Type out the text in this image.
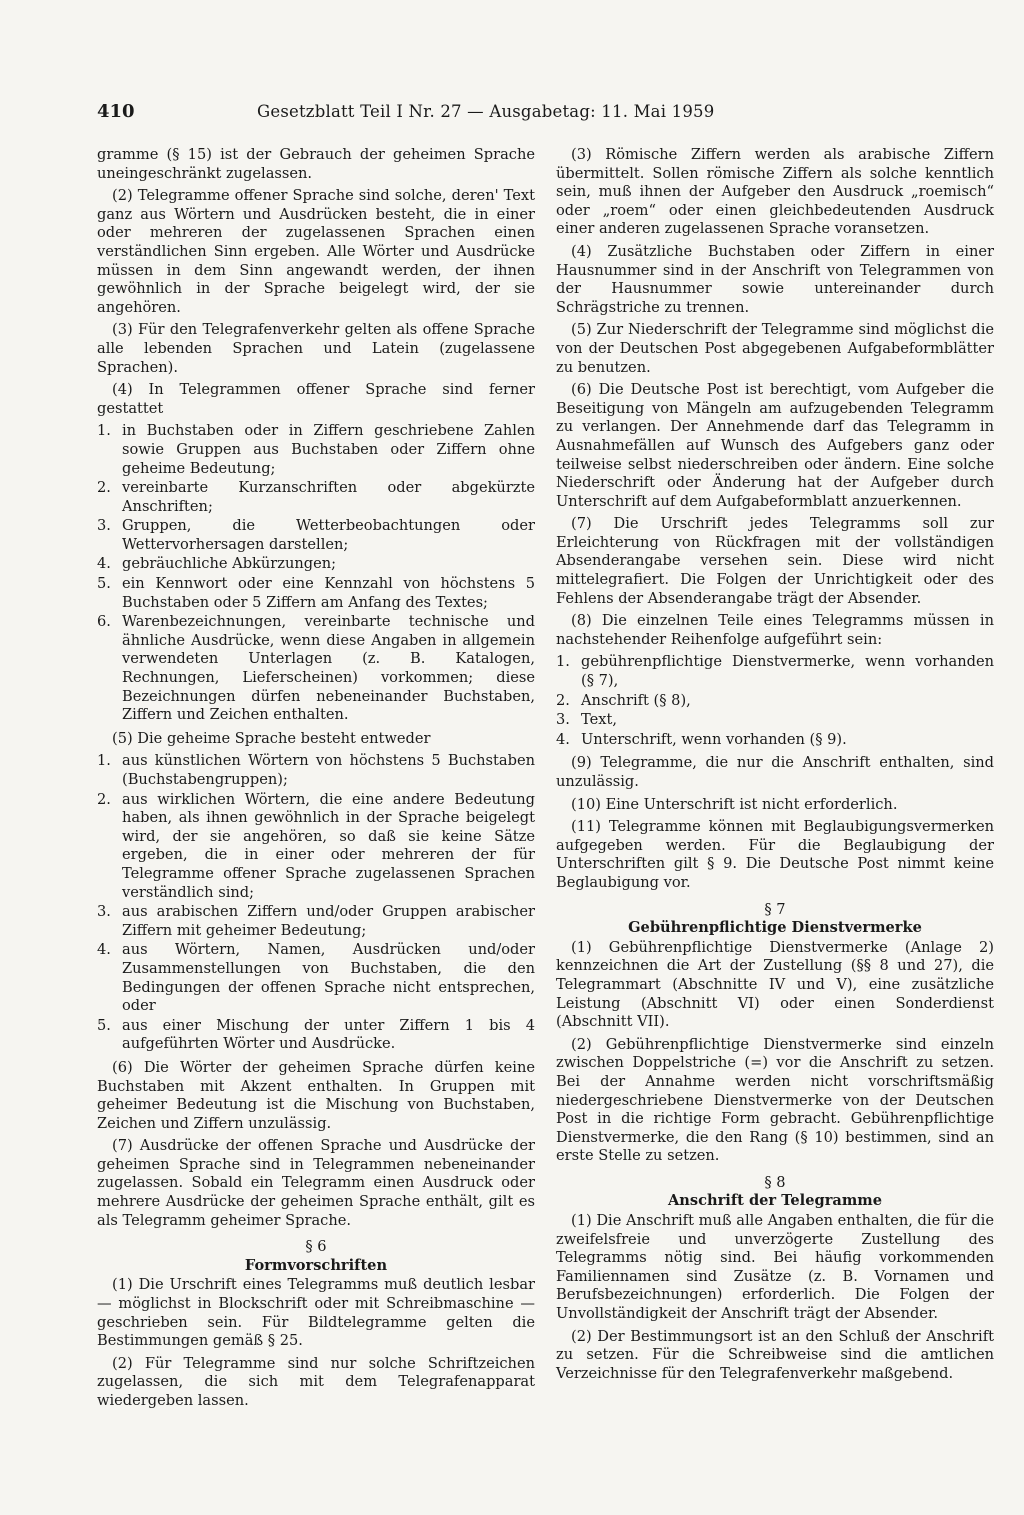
410	Gesetzblatt Teil I Nr. 27 — Ausgabetag: 11. Mai 1959

gramme (§ 15) ist der Gebrauch der geheimen Sprache uneingeschränkt zugelassen.

(2) Telegramme offener Sprache sind solche, deren' Text ganz aus Wörtern und Ausdrücken besteht, die in einer oder mehreren der zugelassenen Sprachen einen verständlichen Sinn ergeben. Alle Wörter und Ausdrücke müssen in dem Sinn angewandt werden, der ihnen gewöhnlich in der Sprache beigelegt wird, der sie angehören.

(3) Für den Telegrafenverkehr gelten als offene Sprache alle lebenden Sprachen und Latein (zugelassene Sprachen).

(4) In Telegrammen offener Sprache sind ferner gestattet

1. in Buchstaben oder in Ziffern geschriebene Zahlen sowie Gruppen aus Buchstaben oder Ziffern ohne geheime Bedeutung;
2. vereinbarte Kurzanschriften oder abgekürzte Anschriften;
3. Gruppen, die Wetterbeobachtungen oder Wettervorhersagen darstellen;
4. gebräuchliche Abkürzungen;
5. ein Kennwort oder eine Kennzahl von höchstens 5 Buchstaben oder 5 Ziffern am Anfang des Textes;
6. Warenbezeichnungen, vereinbarte technische und ähnliche Ausdrücke, wenn diese Angaben in allgemein verwendeten Unterlagen (z. B. Katalogen, Rechnungen, Lieferscheinen) vorkommen; diese Bezeichnungen dürfen nebeneinander Buchstaben, Ziffern und Zeichen enthalten.

(5) Die geheime Sprache besteht entweder

1. aus künstlichen Wörtern von höchstens 5 Buchstaben (Buchstabengruppen);
2. aus wirklichen Wörtern, die eine andere Bedeutung haben, als ihnen gewöhnlich in der Sprache beigelegt wird, der sie angehören, so daß sie keine Sätze ergeben, die in einer oder mehreren der für Telegramme offener Sprache zugelassenen Sprachen verständlich sind;
3. aus arabischen Ziffern und/oder Gruppen arabischer Ziffern mit geheimer Bedeutung;
4. aus Wörtern, Namen, Ausdrücken und/oder Zusammenstellungen von Buchstaben, die den Bedingungen der offenen Sprache nicht entsprechen, oder
5. aus einer Mischung der unter Ziffern 1 bis 4 aufgeführten Wörter und Ausdrücke.

(6) Die Wörter der geheimen Sprache dürfen keine Buchstaben mit Akzent enthalten. In Gruppen mit geheimer Bedeutung ist die Mischung von Buchstaben, Zeichen und Ziffern unzulässig.

(7) Ausdrücke der offenen Sprache und Ausdrücke der geheimen Sprache sind in Telegrammen nebeneinander zugelassen. Sobald ein Telegramm einen Ausdruck oder mehrere Ausdrücke der geheimen Sprache enthält, gilt es als Telegramm geheimer Sprache.

§ 6
Formvorschriften

(1) Die Urschrift eines Telegramms muß deutlich lesbar — möglichst in Blockschrift oder mit Schreibmaschine — geschrieben sein. Für Bildtelegramme gelten die Bestimmungen gemäß § 25.

(2) Für Telegramme sind nur solche Schriftzeichen zugelassen, die sich mit dem Telegrafenapparat wiedergeben lassen.

(3) Römische Ziffern werden als arabische Ziffern übermittelt. Sollen römische Ziffern als solche kenntlich sein, muß ihnen der Aufgeber den Ausdruck „roemisch“ oder „roem“ oder einen gleichbedeutenden Ausdruck einer anderen zugelassenen Sprache voransetzen.

(4) Zusätzliche Buchstaben oder Ziffern in einer Hausnummer sind in der Anschrift von Telegrammen von der Hausnummer sowie untereinander durch Schrägstriche zu trennen.

(5) Zur Niederschrift der Telegramme sind möglichst die von der Deutschen Post abgegebenen Aufgabeformblätter zu benutzen.

(6) Die Deutsche Post ist berechtigt, vom Aufgeber die Beseitigung von Mängeln am aufzugebenden Telegramm zu verlangen. Der Annehmende darf das Telegramm in Ausnahmefällen auf Wunsch des Aufgebers ganz oder teilweise selbst niederschreiben oder ändern. Eine solche Niederschrift oder Änderung hat der Aufgeber durch Unterschrift auf dem Aufgabeformblatt anzuerkennen.

(7) Die Urschrift jedes Telegramms soll zur Erleichterung von Rückfragen mit der vollständigen Absenderangabe versehen sein. Diese wird nicht mittelegrafiert. Die Folgen der Unrichtigkeit oder des Fehlens der Absenderangabe trägt der Absender.

(8) Die einzelnen Teile eines Telegramms müssen in nachstehender Reihenfolge aufgeführt sein:

1. gebührenpflichtige Dienstvermerke, wenn vorhanden (§ 7),
2. Anschrift (§ 8),
3. Text,
4. Unterschrift, wenn vorhanden (§ 9).

(9) Telegramme, die nur die Anschrift enthalten, sind unzulässig.

(10) Eine Unterschrift ist nicht erforderlich.

(11) Telegramme können mit Beglaubigungsvermerken aufgegeben werden. Für die Beglaubigung der Unterschriften gilt § 9. Die Deutsche Post nimmt keine Beglaubigung vor.

§ 7
Gebührenpflichtige Dienstvermerke

(1) Gebührenpflichtige Dienstvermerke (Anlage 2) kennzeichnen die Art der Zustellung (§§ 8 und 27), die Telegrammart (Abschnitte IV und V), eine zusätzliche Leistung (Abschnitt VI) oder einen Sonderdienst (Abschnitt VII).

(2) Gebührenpflichtige Dienstvermerke sind einzeln zwischen Doppelstriche (=) vor die Anschrift zu setzen. Bei der Annahme werden nicht vorschriftsmäßig niedergeschriebene Dienstvermerke von der Deutschen Post in die richtige Form gebracht. Gebührenpflichtige Dienstvermerke, die den Rang (§ 10) bestimmen, sind an erste Stelle zu setzen.

§ 8
Anschrift der Telegramme

(1) Die Anschrift muß alle Angaben enthalten, die für die zweifelsfreie und unverzögerte Zustellung des Telegramms nötig sind. Bei häufig vorkommenden Familiennamen sind Zusätze (z. B. Vornamen und Berufsbezeichnungen) erforderlich. Die Folgen der Unvollständigkeit der Anschrift trägt der Absender.

(2) Der Bestimmungsort ist an den Schluß der Anschrift zu setzen. Für die Schreibweise sind die amtlichen Verzeichnisse für den Telegrafenverkehr maßgebend.
